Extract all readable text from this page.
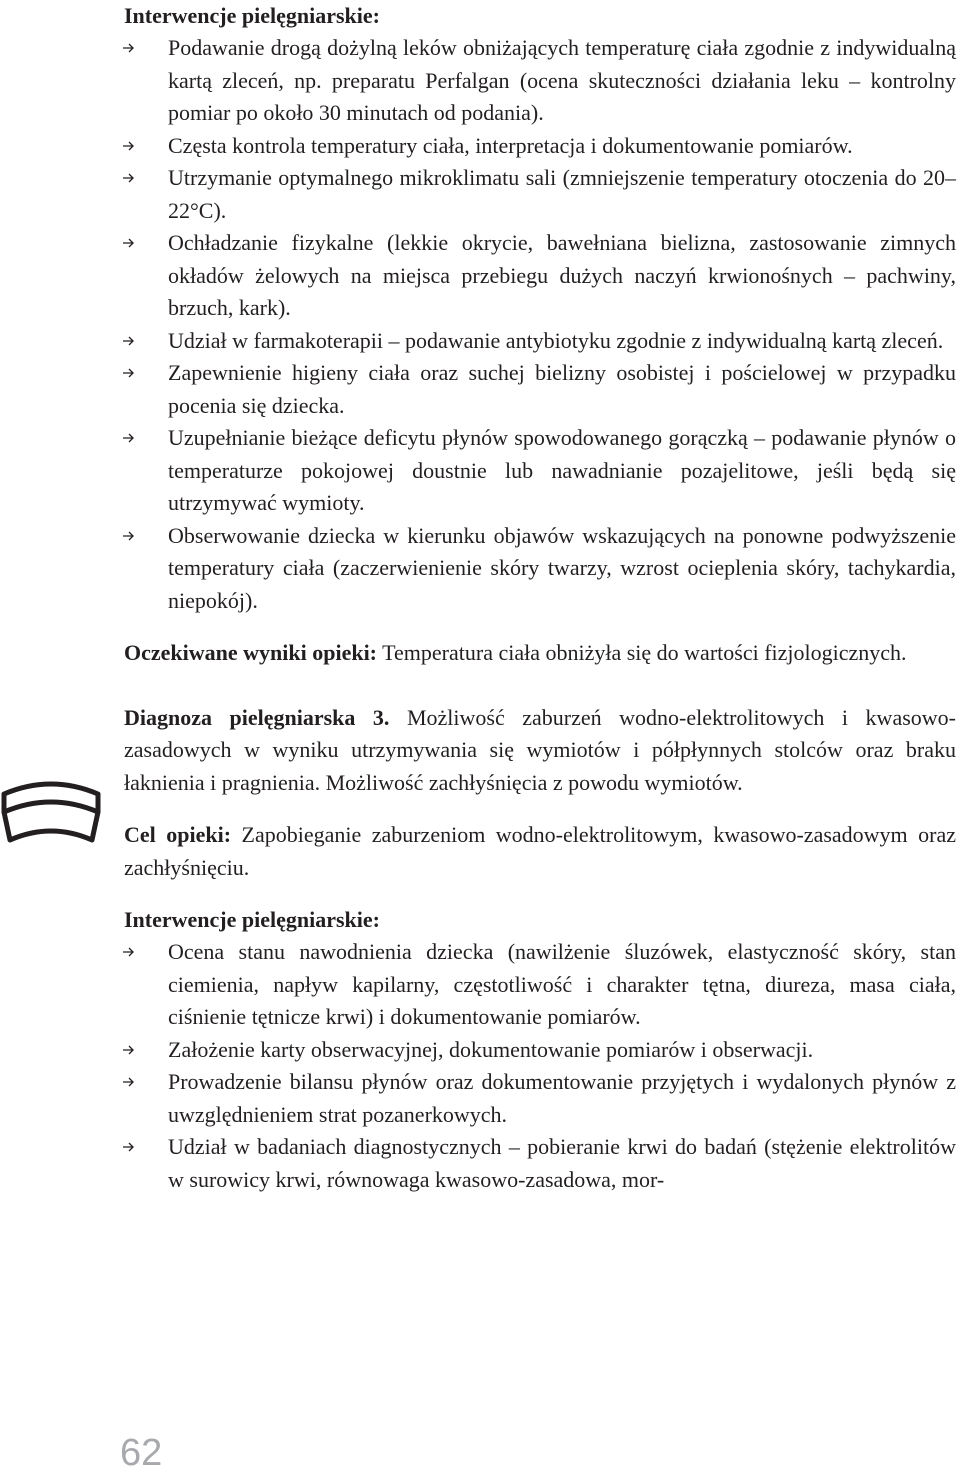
Interwencje pielęgniarskie:

Podawanie drogą dożylną leków obniżających temperaturę ciała zgodnie z indywidualną kartą zleceń, np. preparatu Perfalgan (ocena skuteczności działania leku – kontrolny pomiar po około 30 minutach od podania).
Częsta kontrola temperatury ciała, interpretacja i dokumentowanie pomiarów.
Utrzymanie optymalnego mikroklimatu sali (zmniejszenie temperatury otoczenia do 20–22°C).
Ochładzanie fizykalne (lekkie okrycie, bawełniana bielizna, zastosowanie zimnych okładów żelowych na miejsca przebiegu dużych naczyń krwionośnych – pachwiny, brzuch, kark).
Udział w farmakoterapii – podawanie antybiotyku zgodnie z indywidualną kartą zleceń.
Zapewnienie higieny ciała oraz suchej bielizny osobistej i pościelowej w przypadku pocenia się dziecka.
Uzupełnianie bieżące deficytu płynów spowodowanego gorączką – podawanie płynów o temperaturze pokojowej doustnie lub nawadnianie pozajelitowe, jeśli będą się utrzymywać wymioty.
Obserwowanie dziecka w kierunku objawów wskazujących na ponowne podwyższenie temperatury ciała (zaczerwienienie skóry twarzy, wzrost ocieplenia skóry, tachykardia, niepokój).

Oczekiwane wyniki opieki: Temperatura ciała obniżyła się do wartości fizjologicznych.

Diagnoza pielęgniarska 3. Możliwość zaburzeń wodno-elektrolitowych i kwasowo-zasadowych w wyniku utrzymywania się wymiotów i półpłynnych stolców oraz braku łaknienia i pragnienia. Możliwość zachłyśnięcia z powodu wymiotów.

Cel opieki: Zapobieganie zaburzeniom wodno-elektrolitowym, kwasowo-zasadowym oraz zachłyśnięciu.

Interwencje pielęgniarskie:

Ocena stanu nawodnienia dziecka (nawilżenie śluzówek, elastyczność skóry, stan ciemienia, napływ kapilarny, częstotliwość i charakter tętna, diureza, masa ciała, ciśnienie tętnicze krwi) i dokumentowanie pomiarów.
Założenie karty obserwacyjnej, dokumentowanie pomiarów i obserwacji.
Prowadzenie bilansu płynów oraz dokumentowanie przyjętych i wydalonych płynów z uwzględnieniem strat pozanerkowych.
Udział w badaniach diagnostycznych – pobieranie krwi do badań (stężenie elektrolitów w surowicy krwi, równowaga kwasowo-zasadowa, mor-
62
